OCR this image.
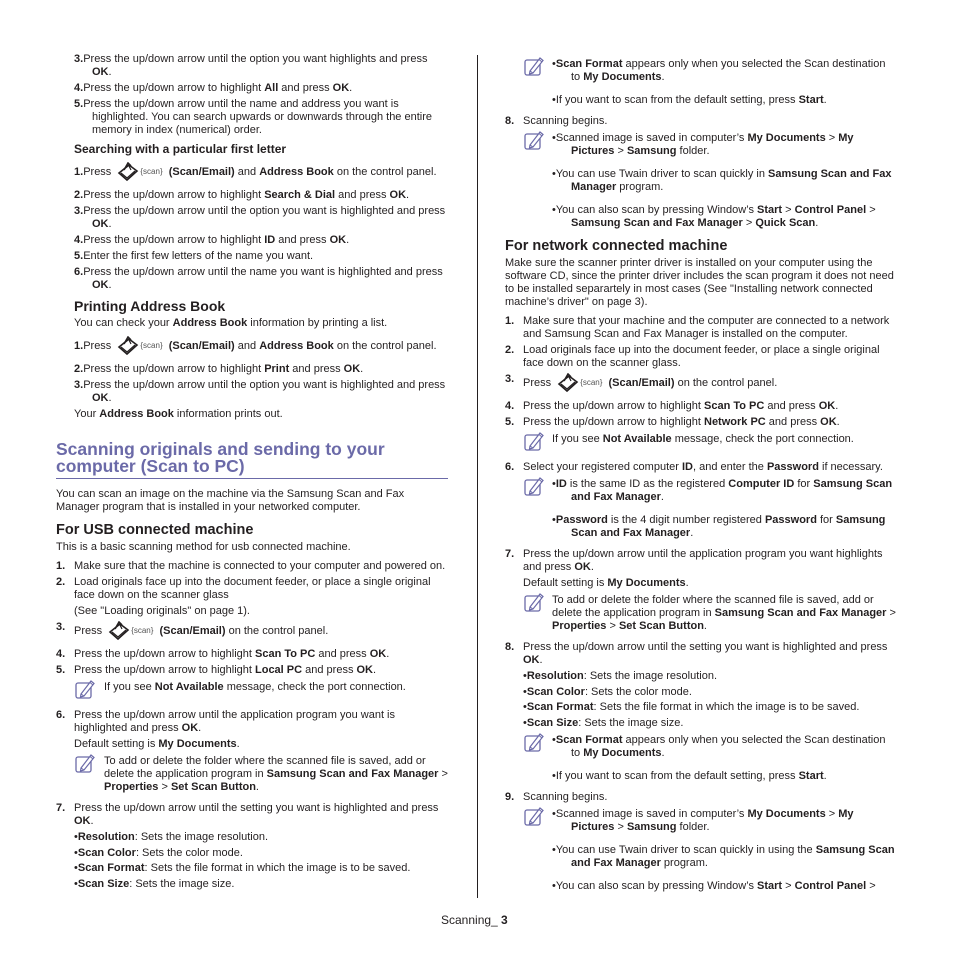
3.Press the up/down arrow until the option you want highlights and press OK.
4.Press the up/down arrow to highlight All and press OK.
5.Press the up/down arrow until the name and address you want is highlighted. You can search upwards or downwards through the entire memory in index (numerical) order.
Searching with a particular first letter
1.Press	{scan} (Scan/Email) and Address Book on the control panel.
2.Press the up/down arrow to highlight Search & Dial and press OK.
3.Press the up/down arrow until the option you want is highlighted and press OK.
4.Press the up/down arrow to highlight ID and press OK.
5.Enter the first few letters of the name you want.
6.Press the up/down arrow until the name you want is highlighted and press OK.
Printing Address Book
You can check your Address Book information by printing a list.
1.Press	{scan} (Scan/Email) and Address Book on the control panel.
2.Press the up/down arrow to highlight Print and press OK.
3.Press the up/down arrow until the option you want is highlighted and press OK.
Your Address Book information prints out.
Scanning originals and sending to your computer (Scan to PC)
You can scan an image on the machine via the Samsung Scan and Fax Manager program that is installed in your networked computer.
For USB connected machine
This is a basic scanning method for usb connected machine.
1. Make sure that the machine is connected to your computer and powered on.
2. Load originals face up into the document feeder, or place a single original face down on the scanner glass
(See "Loading originals" on page 1).
3. Press	{scan} (Scan/Email) on the control panel.
4. Press the up/down arrow to highlight Scan To PC and press OK.
5. Press the up/down arrow to highlight Local PC and press OK.
If you see Not Available message, check the port connection.
6. Press the up/down arrow until the application program you want is highlighted and press OK.
Default setting is My Documents.
To add or delete the folder where the scanned file is saved, add or delete the application program in Samsung Scan and Fax Manager > Properties > Set Scan Button.
7. Press the up/down arrow until the setting you want is highlighted and press OK.
•Resolution: Sets the image resolution.
•Scan Color: Sets the color mode.
•Scan Format: Sets the file format in which the image is to be saved.
•Scan Size: Sets the image size.
•Scan Format appears only when you selected the Scan destination to My Documents.
•If you want to scan from the default setting, press Start.
8. Scanning begins.
•Scanned image is saved in computer’s My Documents > My Pictures > Samsung folder.
•You can use Twain driver to scan quickly in Samsung Scan and Fax Manager program.
•You can also scan by pressing Window’s Start > Control Panel > Samsung Scan and Fax Manager > Quick Scan.
For network connected machine
Make sure the scanner printer driver is installed on your computer using the software CD, since the printer driver includes the scan program it does not need to be installed separartely in most cases (See "Installing network connected machine’s driver" on page 3).
1. Make sure that your machine and the computer are connected to a network and Samsung Scan and Fax Manager is installed on the computer.
2. Load originals face up into the document feeder, or place a single original face down on the scanner glass.
3. Press	{scan} (Scan/Email) on the control panel.
4. Press the up/down arrow to highlight Scan To PC and press OK.
5. Press the up/down arrow to highlight Network PC and press OK.
If you see Not Available message, check the port connection.
6. Select your registered computer ID, and enter the Password if necessary.
•ID is the same ID as the registered Computer ID for Samsung Scan and Fax Manager.
•Password is the 4 digit number registered Password for Samsung Scan and Fax Manager.
7. Press the up/down arrow until the application program you want highlights and press OK.
Default setting is My Documents.
To add or delete the folder where the scanned file is saved, add or delete the application program in Samsung Scan and Fax Manager > Properties > Set Scan Button.
8. Press the up/down arrow until the setting you want is highlighted and press OK.
•Resolution: Sets the image resolution.
•Scan Color: Sets the color mode.
•Scan Format: Sets the file format in which the image is to be saved.
•Scan Size: Sets the image size.
•Scan Format appears only when you selected the Scan destination to My Documents.
•If you want to scan from the default setting, press Start.
9. Scanning begins.
•Scanned image is saved in computer’s My Documents > My Pictures > Samsung folder.
•You can use Twain driver to scan quickly in using the Samsung Scan and Fax Manager program.
•You can also scan by pressing Window’s Start > Control Panel >
Scanning_ 3
